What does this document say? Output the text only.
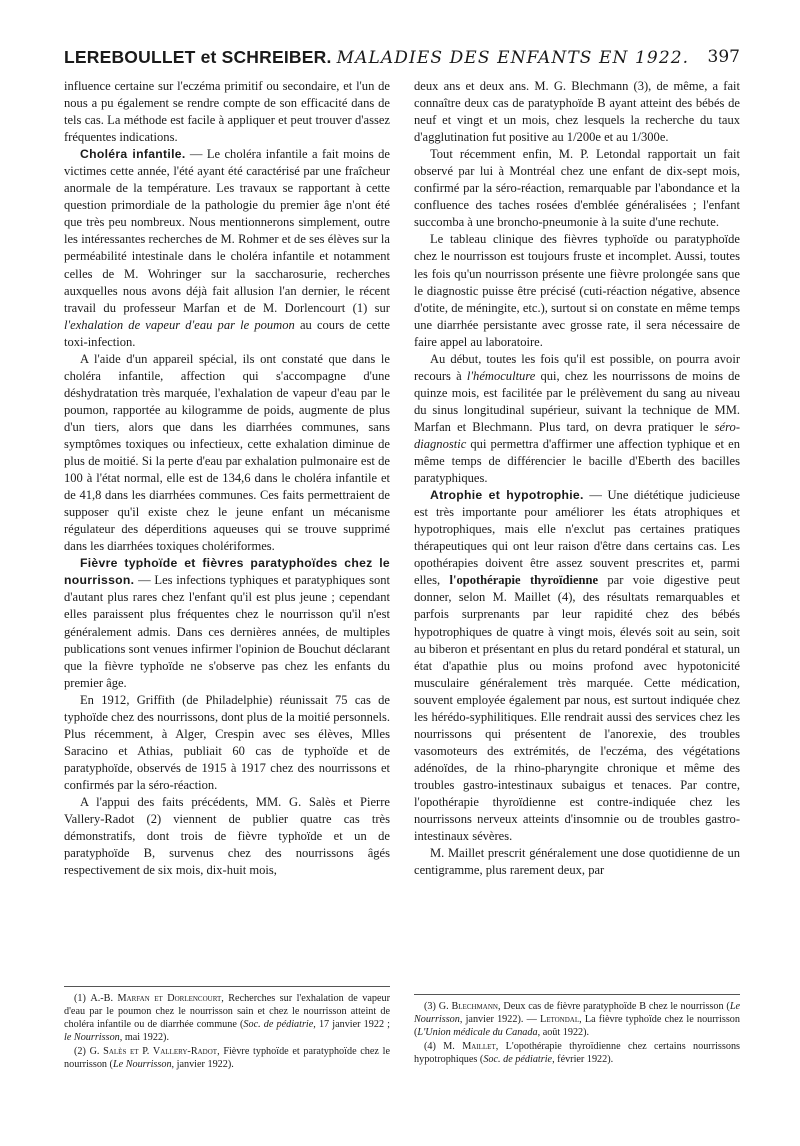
LEREBOULLET et SCHREIBER. MALADIES DES ENFANTS EN 1922. 397

influence certaine sur l'eczéma primitif ou secondaire, et l'un de nous a pu également se rendre compte de son efficacité dans de tels cas. La méthode est facile à appliquer et peut trouver d'assez fréquentes indications.

Choléra infantile. — Le choléra infantile a fait moins de victimes cette année, l'été ayant été caractérisé par une fraîcheur anormale de la température. Les travaux se rapportant à cette question primordiale de la pathologie du premier âge n'ont été que très peu nombreux. Nous mentionnerons simplement, outre les intéressantes recherches de M. Rohmer et de ses élèves sur la perméabilité intestinale dans le choléra infantile et notamment celles de M. Wohringer sur la saccharosurie, recherches auxquelles nous avons déjà fait allusion l'an dernier, le récent travail du professeur Marfan et de M. Dorlencourt (1) sur l'exhalation de vapeur d'eau par le poumon au cours de cette toxi-infection.

A l'aide d'un appareil spécial, ils ont constaté que dans le choléra infantile, affection qui s'accompagne d'une déshydratation très marquée, l'exhalation de vapeur d'eau par le poumon, rapportée au kilogramme de poids, augmente de plus d'un tiers, alors que dans les diarrhées communes, sans symptômes toxiques ou infectieux, cette exhalation diminue de plus de moitié. Si la perte d'eau par exhalation pulmonaire est de 100 à l'état normal, elle est de 134,6 dans le choléra infantile et de 41,8 dans les diarrhées communes. Ces faits permettraient de supposer qu'il existe chez le jeune enfant un mécanisme régulateur des déperditions aqueuses qui se trouve supprimé dans les diarrhées toxiques cholériformes.

Fièvre typhoïde et fièvres paratyphoïdes chez le nourrisson. — Les infections typhiques et paratyphiques sont d'autant plus rares chez l'enfant qu'il est plus jeune ; cependant elles paraissent plus fréquentes chez le nourrisson qu'il n'est généralement admis. Dans ces dernières années, de multiples publications sont venues infirmer l'opinion de Bouchut déclarant que la fièvre typhoïde ne s'observe pas chez les enfants du premier âge.

En 1912, Griffith (de Philadelphie) réunissait 75 cas de typhoïde chez des nourrissons, dont plus de la moitié personnels. Plus récemment, à Alger, Crespin avec ses élèves, Mlles Saracino et Athias, publiait 60 cas de typhoïde et de paratyphoïde, observés de 1915 à 1917 chez des nourrissons et confirmés par la séro-réaction.

A l'appui des faits précédents, MM. G. Salès et Pierre Vallery-Radot (2) viennent de publier quatre cas très démonstratifs, dont trois de fièvre typhoïde et un de paratyphoïde B, survenus chez des nourrissons âgés respectivement de six mois, dix-huit mois,

deux ans et deux ans. M. G. Blechmann (3), de même, a fait connaître deux cas de paratyphoïde B ayant atteint des bébés de neuf et vingt et un mois, chez lesquels la recherche du taux d'agglutination fut positive au 1/200e et au 1/300e.

Tout récemment enfin, M. P. Letondal rapportait un fait observé par lui à Montréal chez une enfant de dix-sept mois, confirmé par la séro-réaction, remarquable par l'abondance et la confluence des taches rosées d'emblée généralisées ; l'enfant succomba à une broncho-pneumonie à la suite d'une rechute.

Le tableau clinique des fièvres typhoïde ou paratyphoïde chez le nourrisson est toujours fruste et incomplet. Aussi, toutes les fois qu'un nourrisson présente une fièvre prolongée sans que le diagnostic puisse être précisé (cuti-réaction négative, absence d'otite, de méningite, etc.), surtout si on constate en même temps une diarrhée persistante avec grosse rate, il sera nécessaire de faire appel au laboratoire.

Au début, toutes les fois qu'il est possible, on pourra avoir recours à l'hémoculture qui, chez les nourrissons de moins de quinze mois, est facilitée par le prélèvement du sang au niveau du sinus longitudinal supérieur, suivant la technique de MM. Marfan et Blechmann. Plus tard, on devra pratiquer le séro-diagnostic qui permettra d'affirmer une affection typhique et en même temps de différencier le bacille d'Eberth des bacilles paratyphiques.

Atrophie et hypotrophie. — Une diététique judicieuse est très importante pour améliorer les états atrophiques et hypotrophiques, mais elle n'exclut pas certaines pratiques thérapeutiques qui ont leur raison d'être dans certains cas. Les opothérapies doivent être assez souvent prescrites et, parmi elles, l'opothérapie thyroïdienne par voie digestive peut donner, selon M. Maillet (4), des résultats remarquables et parfois surprenants par leur rapidité chez des bébés hypotrophiques de quatre à vingt mois, élevés soit au sein, soit au biberon et présentant en plus du retard pondéral et statural, un état d'apathie plus ou moins profond avec hypotonicité musculaire généralement très marquée. Cette médication, souvent employée également par nous, est surtout indiquée chez les hérédo-syphilitiques. Elle rendrait aussi des services chez les nourrissons qui présentent de l'anorexie, des troubles vasomoteurs des extrémités, de l'eczéma, des végétations adénoïdes, de la rhino-pharyngite chronique et même des troubles gastro-intestinaux subaigus et tenaces. Par contre, l'opothérapie thyroïdienne est contre-indiquée chez les nourrissons nerveux atteints d'insomnie ou de troubles gastro-intestinaux sévères.

M. Maillet prescrit généralement une dose quotidienne de un centigramme, plus rarement deux, par

(1) A.-B. Marfan et Dorlencourt, Recherches sur l'exhalation de vapeur d'eau par le poumon chez le nourrisson sain et chez le nourrisson atteint de choléra infantile ou de diarrhée commune (Soc. de pédiatrie, 17 janvier 1922 ; le Nourrisson, mai 1922).

(2) G. Salès et P. Vallery-Radot, Fièvre typhoïde et paratyphoïde chez le nourrisson (Le Nourrisson, janvier 1922).

(3) G. Blechmann, Deux cas de fièvre paratyphoïde B chez le nourrisson (Le Nourrisson, janvier 1922). — Letondal, La fièvre typhoïde chez le nourrisson (L'Union médicale du Canada, août 1922).

(4) M. Maillet, L'opothérapie thyroïdienne chez certains nourrissons hypotrophiques (Soc. de pédiatrie, février 1922).
